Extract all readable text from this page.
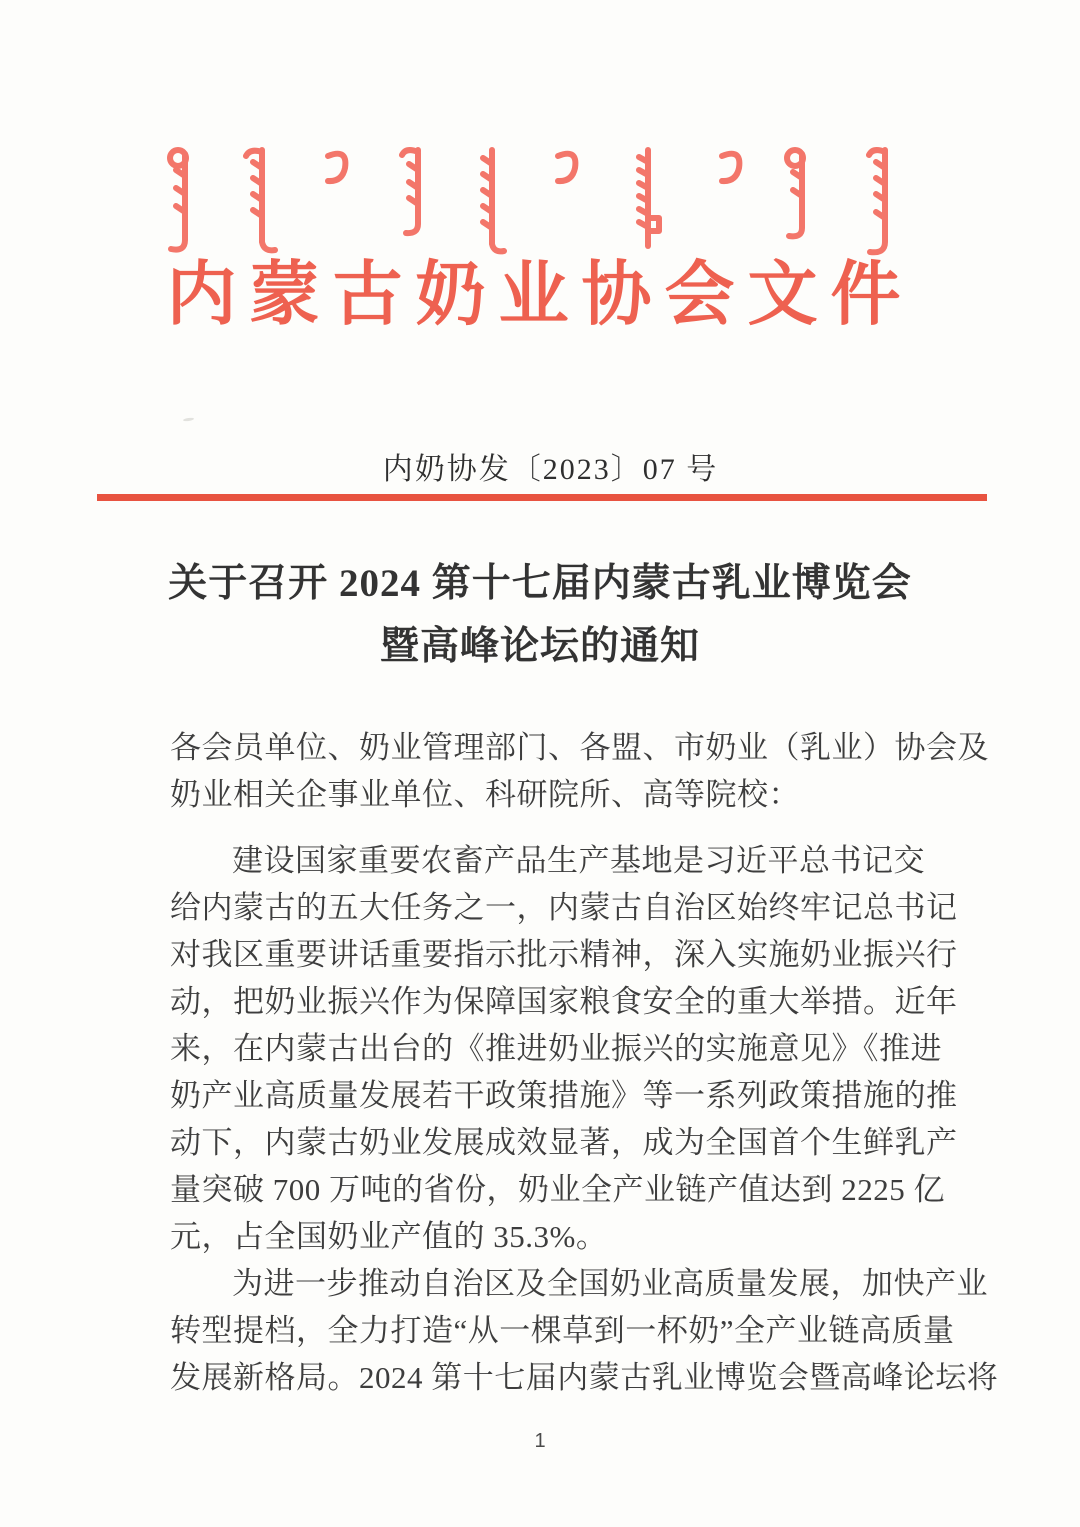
内蒙古奶业协会文件
内奶协发〔2023〕07 号
关于召开 2024 第十七届内蒙古乳业博览会
暨高峰论坛的通知
各会员单位、奶业管理部门、各盟、市奶业（乳业）协会及
奶业相关企事业单位、科研院所、高等院校：
建设国家重要农畜产品生产基地是习近平总书记交
给内蒙古的五大任务之一，内蒙古自治区始终牢记总书记
对我区重要讲话重要指示批示精神，深入实施奶业振兴行
动，把奶业振兴作为保障国家粮食安全的重大举措。近年
来，在内蒙古出台的《推进奶业振兴的实施意见》《推进
奶产业高质量发展若干政策措施》等一系列政策措施的推
动下，内蒙古奶业发展成效显著，成为全国首个生鲜乳产
量突破 700 万吨的省份，奶业全产业链产值达到 2225 亿
元，占全国奶业产值的 35.3%。
为进一步推动自治区及全国奶业高质量发展，加快产业
转型提档，全力打造“从一棵草到一杯奶”全产业链高质量
发展新格局。2024 第十七届内蒙古乳业博览会暨高峰论坛将
1
